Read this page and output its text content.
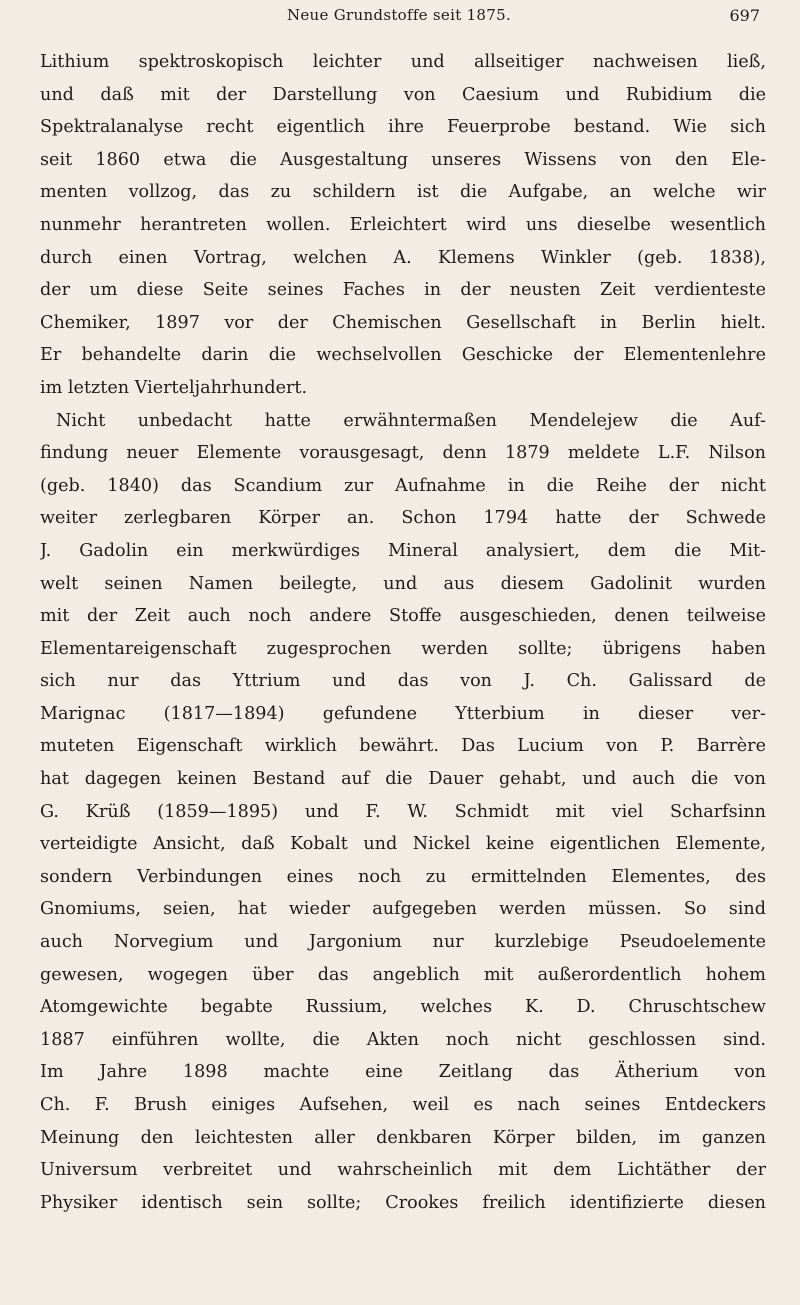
Neue Grundstoffe seit 1875.	697
Lithium spektroskopisch leichter und allseitiger nachweisen ließ,
und daß mit der Darstellung von Caesium und Rubidium die
Spektralanalyse recht eigentlich ihre Feuerprobe bestand. Wie sich
seit 1860 etwa die Ausgestaltung unseres Wissens von den Ele-
menten vollzog, das zu schildern ist die Aufgabe, an welche wir
nunmehr herantreten wollen. Erleichtert wird uns dieselbe wesentlich
durch einen Vortrag, welchen A. Klemens Winkler (geb. 1838),
der um diese Seite seines Faches in der neusten Zeit verdienteste
Chemiker, 1897 vor der Chemischen Gesellschaft in Berlin hielt.
Er behandelte darin die wechselvollen Geschicke der Elementenlehre
im letzten Vierteljahrhundert.
Nicht unbedacht hatte erwähntermaßen Mendelejew die Auf-
findung neuer Elemente vorausgesagt, denn 1879 meldete L.F. Nilson
(geb. 1840) das Scandium zur Aufnahme in die Reihe der nicht
weiter zerlegbaren Körper an. Schon 1794 hatte der Schwede
J. Gadolin ein merkwürdiges Mineral analysiert, dem die Mit-
welt seinen Namen beilegte, und aus diesem Gadolinit wurden
mit der Zeit auch noch andere Stoffe ausgeschieden, denen teilweise
Elementareigenschaft zugesprochen werden sollte; übrigens haben
sich nur das Yttrium und das von J. Ch. Galissard de
Marignac (1817—1894) gefundene Ytterbium in dieser ver-
muteten Eigenschaft wirklich bewährt. Das Lucium von P. Barrère
hat dagegen keinen Bestand auf die Dauer gehabt, und auch die von
G. Krüß (1859—1895) und F. W. Schmidt mit viel Scharfsinn
verteidigte Ansicht, daß Kobalt und Nickel keine eigentlichen Elemente,
sondern Verbindungen eines noch zu ermittelnden Elementes, des
Gnomiums, seien, hat wieder aufgegeben werden müssen. So sind
auch Norvegium und Jargonium nur kurzlebige Pseudoelemente
gewesen, wogegen über das angeblich mit außerordentlich hohem
Atomgewichte begabte Russium, welches K. D. Chruschtschew
1887 einführen wollte, die Akten noch nicht geschlossen sind.
Im Jahre 1898 machte eine Zeitlang das Ätherium von
Ch. F. Brush einiges Aufsehen, weil es nach seines Entdeckers
Meinung den leichtesten aller denkbaren Körper bilden, im ganzen
Universum verbreitet und wahrscheinlich mit dem Lichtäther der
Physiker identisch sein sollte; Crookes freilich identifizierte diesen
